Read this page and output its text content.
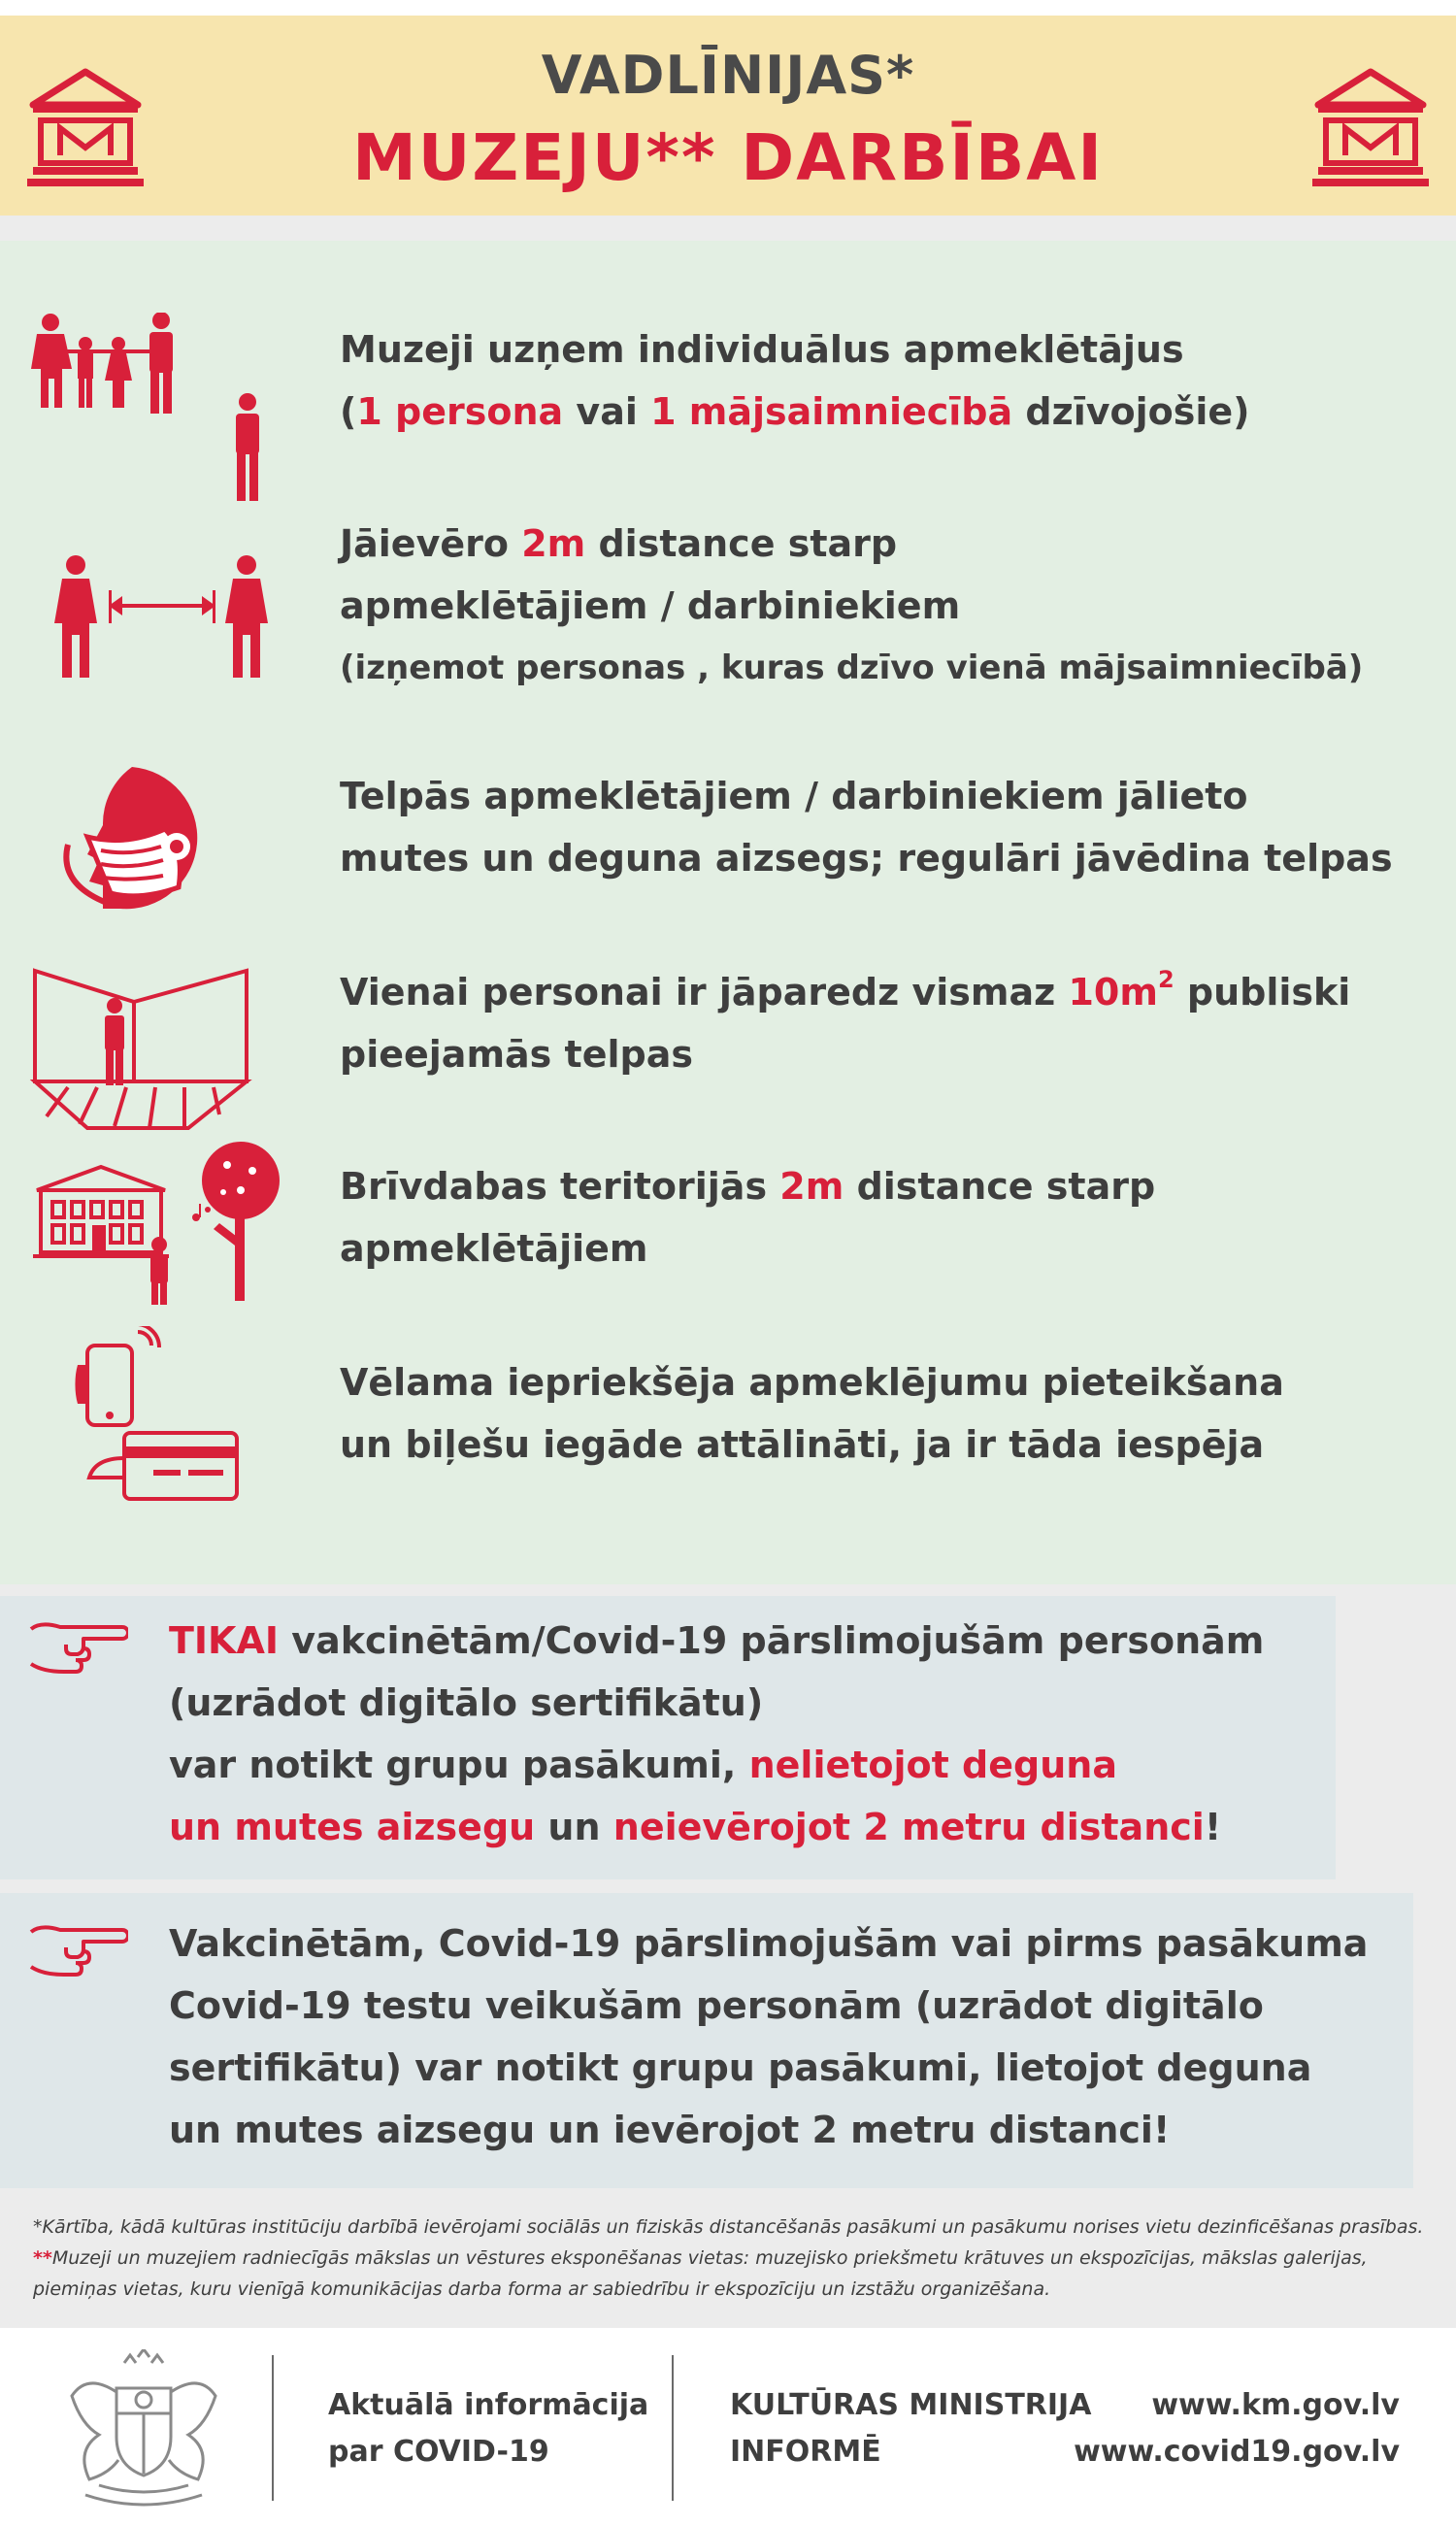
VADLĪNIJAS*
MUZEJU** DARBĪBAI
Muzeji uzņem individuālus apmeklētājus
(1 persona vai 1 mājsaimniecībā dzīvojošie)
Jāievēro 2m distance starp
apmeklētājiem / darbiniekiem
(izņemot personas , kuras dzīvo vienā mājsaimniecībā)
Telpās apmeklētājiem / darbiniekiem jālieto
mutes un deguna aizsegs; regulāri jāvēdina telpas
Vienai personai ir jāparedz vismaz $10m^2$ publiski
pieejamās telpas
Brīvdabas teritorijās 2m distance starp
apmeklētājiem
Vēlama iepriekšēja apmeklējumu pieteikšana
un biļešu iegāde attālināti, ja ir tāda iespēja
TIKAI vakcinētām/Covid-19 pārslimojušām personām
(uzrādot digitālo sertifikātu)
var notikt grupu pasākumi, nelietojot deguna
un mutes aizsegu un neievērojot 2 metru distanci!
Vakcinētām, Covid-19 pārslimojušām vai pirms pasākuma
Covid-19 testu veikušām personām (uzrādot digitālo
sertifikātu) var notikt grupu pasākumi, lietojot deguna
un mutes aizsegu un ievērojot 2 metru distanci!
*Kārtība, kādā kultūras institūciju darbībā ievērojami sociālās un fiziskās distancēšanās pasākumi un pasākumu norises vietu dezinficēšanas prasības.
**Muzeji un muzejiem radniecīgās mākslas un vēstures eksponēšanas vietas: muzejisko priekšmetu krātuves un ekspozīcijas, mākslas galerijas,
piemiņas vietas, kuru vienīgā komunikācijas darba forma ar sabiedrību ir ekspozīciju un izstāžu organizēšana.
Aktuālā informācija
par COVID-19
KULTŪRAS MINISTRIJA
INFORMĒ
www.km.gov.lv
www.covid19.gov.lv
